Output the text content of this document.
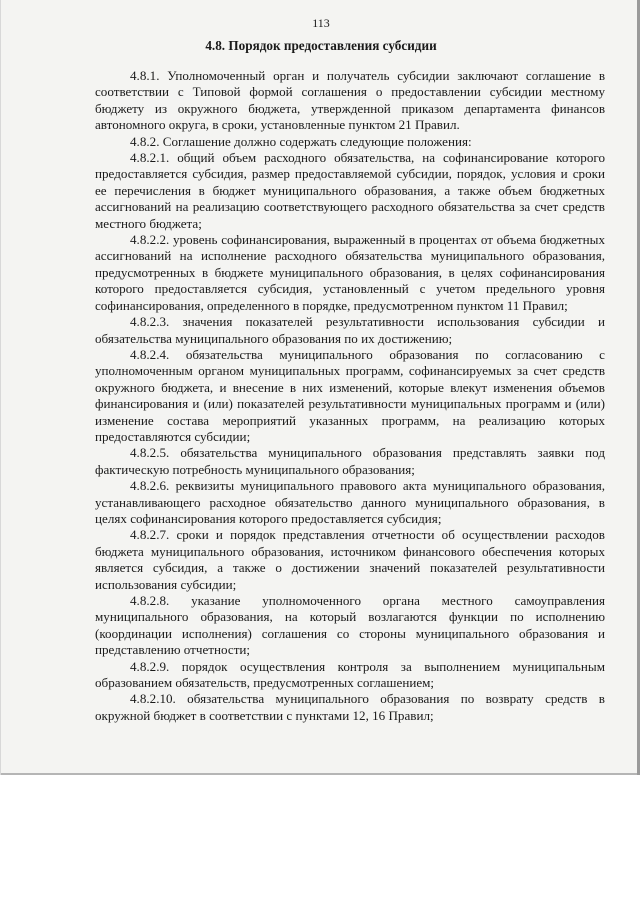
113
4.8. Порядок предоставления субсидии

4.8.1. Уполномоченный орган и получатель субсидии заключают соглашение в соответствии с Типовой формой соглашения о предоставлении субсидии местному бюджету из окружного бюджета, утвержденной приказом департамента финансов автономного округа, в сроки, установленные пунктом 21 Правил.

4.8.2. Соглашение должно содержать следующие положения:

4.8.2.1. общий объем расходного обязательства, на софинансирование которого предоставляется субсидия, размер предоставляемой субсидии, порядок, условия и сроки ее перечисления в бюджет муниципального образования, а также объем бюджетных ассигнований на реализацию соответствующего расходного обязательства за счет средств местного бюджета;

4.8.2.2. уровень софинансирования, выраженный в процентах от объема бюджетных ассигнований на исполнение расходного обязательства муниципального образования, предусмотренных в бюджете муниципального образования, в целях софинансирования которого предоставляется субсидия, установленный с учетом предельного уровня софинансирования, определенного в порядке, предусмотренном пунктом 11 Правил;

4.8.2.3. значения показателей результативности использования субсидии и обязательства муниципального образования по их достижению;

4.8.2.4. обязательства муниципального образования по согласованию с уполномоченным органом муниципальных программ, софинансируемых за счет средств окружного бюджета, и внесение в них изменений, которые влекут изменения объемов финансирования и (или) показателей результативности муниципальных программ и (или) изменение состава мероприятий указанных программ, на реализацию которых предоставляются субсидии;

4.8.2.5. обязательства муниципального образования представлять заявки под фактическую потребность муниципального образования;

4.8.2.6. реквизиты муниципального правового акта муниципального образования, устанавливающего расходное обязательство данного муниципального образования, в целях софинансирования которого предоставляется субсидия;

4.8.2.7. сроки и порядок представления отчетности об осуществлении расходов бюджета муниципального образования, источником финансового обеспечения которых является субсидия, а также о достижении значений показателей результативности использования субсидии;

4.8.2.8. указание уполномоченного органа местного самоуправления муниципального образования, на который возлагаются функции по исполнению (координации исполнения) соглашения со стороны муниципального образования и представлению отчетности;

4.8.2.9. порядок осуществления контроля за выполнением муниципальным образованием обязательств, предусмотренных соглашением;

4.8.2.10. обязательства муниципального образования по возврату средств в окружной бюджет в соответствии с пунктами 12, 16 Правил;
